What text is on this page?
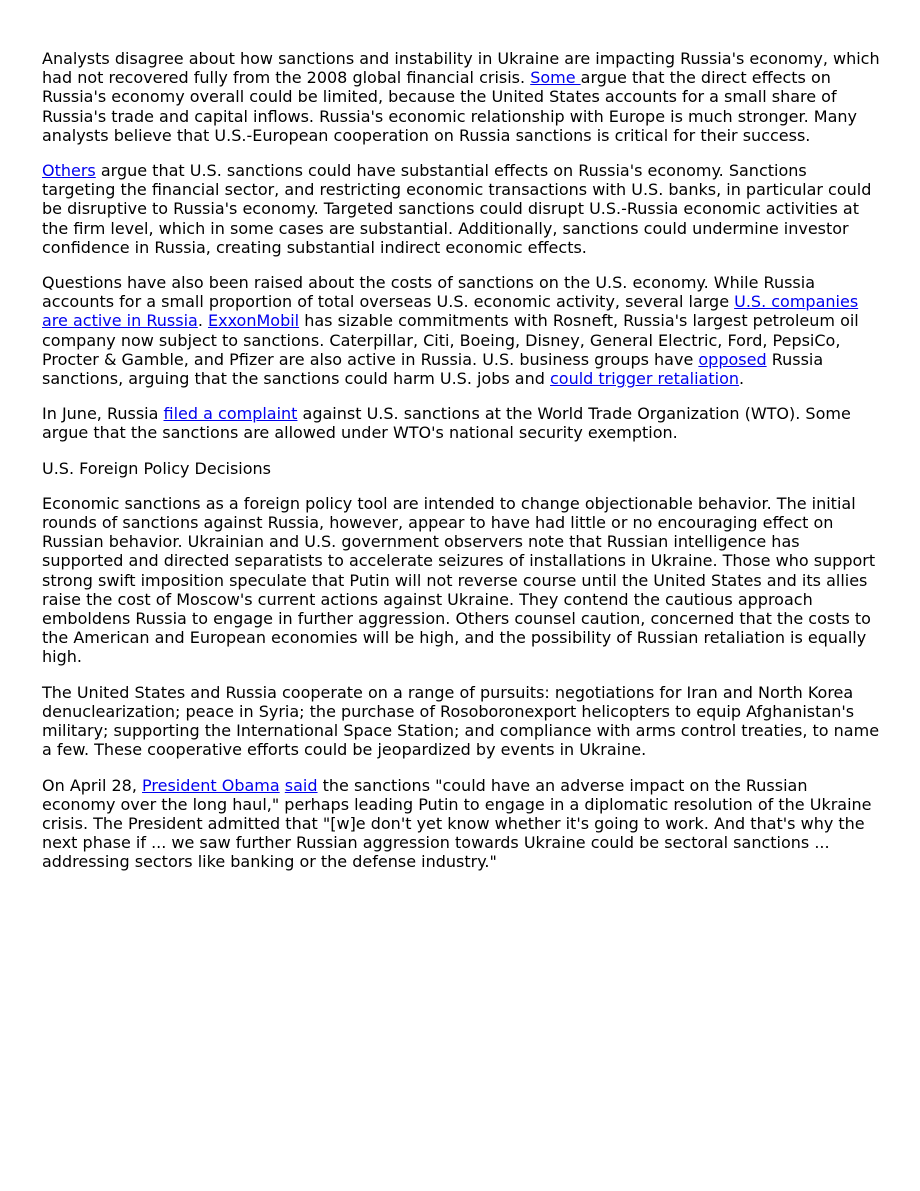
Analysts disagree about how sanctions and instability in Ukraine are impacting Russia's economy, which had not recovered fully from the 2008 global financial crisis. Some argue that the direct effects on Russia's economy overall could be limited, because the United States accounts for a small share of Russia's trade and capital inflows. Russia's economic relationship with Europe is much stronger. Many analysts believe that U.S.-European cooperation on Russia sanctions is critical for their success.

Others argue that U.S. sanctions could have substantial effects on Russia's economy. Sanctions targeting the financial sector, and restricting economic transactions with U.S. banks, in particular could be disruptive to Russia's economy. Targeted sanctions could disrupt U.S.-Russia economic activities at the firm level, which in some cases are substantial. Additionally, sanctions could undermine investor confidence in Russia, creating substantial indirect economic effects.

Questions have also been raised about the costs of sanctions on the U.S. economy. While Russia accounts for a small proportion of total overseas U.S. economic activity, several large U.S. companies are active in Russia. ExxonMobil has sizable commitments with Rosneft, Russia's largest petroleum oil company now subject to sanctions. Caterpillar, Citi, Boeing, Disney, General Electric, Ford, PepsiCo, Procter & Gamble, and Pfizer are also active in Russia. U.S. business groups have opposed Russia sanctions, arguing that the sanctions could harm U.S. jobs and could trigger retaliation.

In June, Russia filed a complaint against U.S. sanctions at the World Trade Organization (WTO). Some argue that the sanctions are allowed under WTO's national security exemption.

U.S. Foreign Policy Decisions

Economic sanctions as a foreign policy tool are intended to change objectionable behavior. The initial rounds of sanctions against Russia, however, appear to have had little or no encouraging effect on Russian behavior. Ukrainian and U.S. government observers note that Russian intelligence has supported and directed separatists to accelerate seizures of installations in Ukraine. Those who support strong swift imposition speculate that Putin will not reverse course until the United States and its allies raise the cost of Moscow's current actions against Ukraine. They contend the cautious approach emboldens Russia to engage in further aggression. Others counsel caution, concerned that the costs to the American and European economies will be high, and the possibility of Russian retaliation is equally high.

The United States and Russia cooperate on a range of pursuits: negotiations for Iran and North Korea denuclearization; peace in Syria; the purchase of Rosoboronexport helicopters to equip Afghanistan's military; supporting the International Space Station; and compliance with arms control treaties, to name a few. These cooperative efforts could be jeopardized by events in Ukraine.

On April 28, President Obama said the sanctions "could have an adverse impact on the Russian economy over the long haul," perhaps leading Putin to engage in a diplomatic resolution of the Ukraine crisis. The President admitted that "[w]e don't yet know whether it's going to work. And that's why the next phase if ... we saw further Russian aggression towards Ukraine could be sectoral sanctions ... addressing sectors like banking or the defense industry."
